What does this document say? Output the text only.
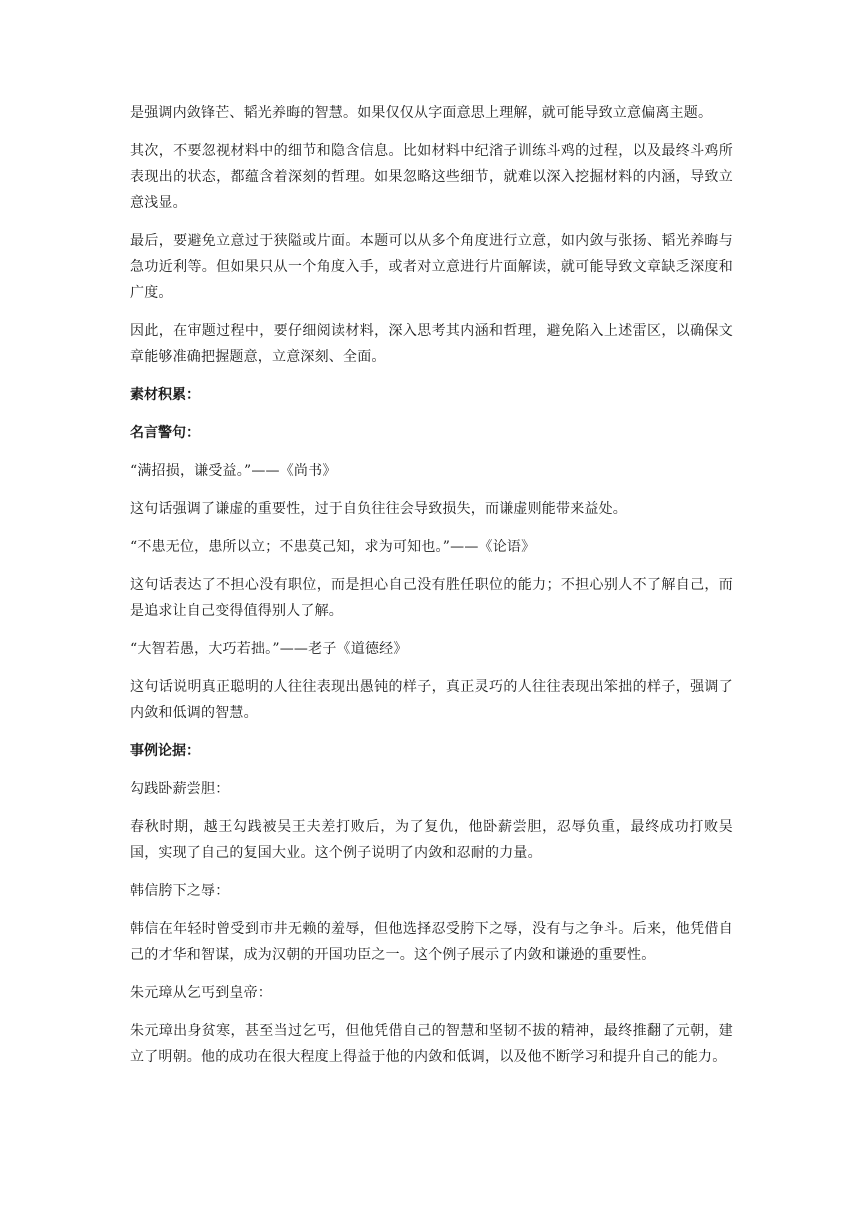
是强调内敛锋芒、韬光养晦的智慧。如果仅仅从字面意思上理解，就可能导致立意偏离主题。

其次，不要忽视材料中的细节和隐含信息。比如材料中纪渻子训练斗鸡的过程，以及最终斗鸡所表现出的状态，都蕴含着深刻的哲理。如果忽略这些细节，就难以深入挖掘材料的内涵，导致立意浅显。

最后，要避免立意过于狭隘或片面。本题可以从多个角度进行立意，如内敛与张扬、韬光养晦与急功近利等。但如果只从一个角度入手，或者对立意进行片面解读，就可能导致文章缺乏深度和广度。

因此，在审题过程中，要仔细阅读材料，深入思考其内涵和哲理，避免陷入上述雷区，以确保文章能够准确把握题意，立意深刻、全面。

素材积累：

名言警句：

“满招损，谦受益。”——《尚书》

这句话强调了谦虚的重要性，过于自负往往会导致损失，而谦虚则能带来益处。

“不患无位，患所以立；不患莫己知，求为可知也。”——《论语》

这句话表达了不担心没有职位，而是担心自己没有胜任职位的能力；不担心别人不了解自己，而是追求让自己变得值得别人了解。

“大智若愚，大巧若拙。”——老子《道德经》

这句话说明真正聪明的人往往表现出愚钝的样子，真正灵巧的人往往表现出笨拙的样子，强调了内敛和低调的智慧。

事例论据：

勾践卧薪尝胆：

春秋时期，越王勾践被吴王夫差打败后，为了复仇，他卧薪尝胆，忍辱负重，最终成功打败吴国，实现了自己的复国大业。这个例子说明了内敛和忍耐的力量。

韩信胯下之辱：

韩信在年轻时曾受到市井无赖的羞辱，但他选择忍受胯下之辱，没有与之争斗。后来，他凭借自己的才华和智谋，成为汉朝的开国功臣之一。这个例子展示了内敛和谦逊的重要性。

朱元璋从乞丐到皇帝：

朱元璋出身贫寒，甚至当过乞丐，但他凭借自己的智慧和坚韧不拔的精神，最终推翻了元朝，建立了明朝。他的成功在很大程度上得益于他的内敛和低调，以及他不断学习和提升自己的能力。
